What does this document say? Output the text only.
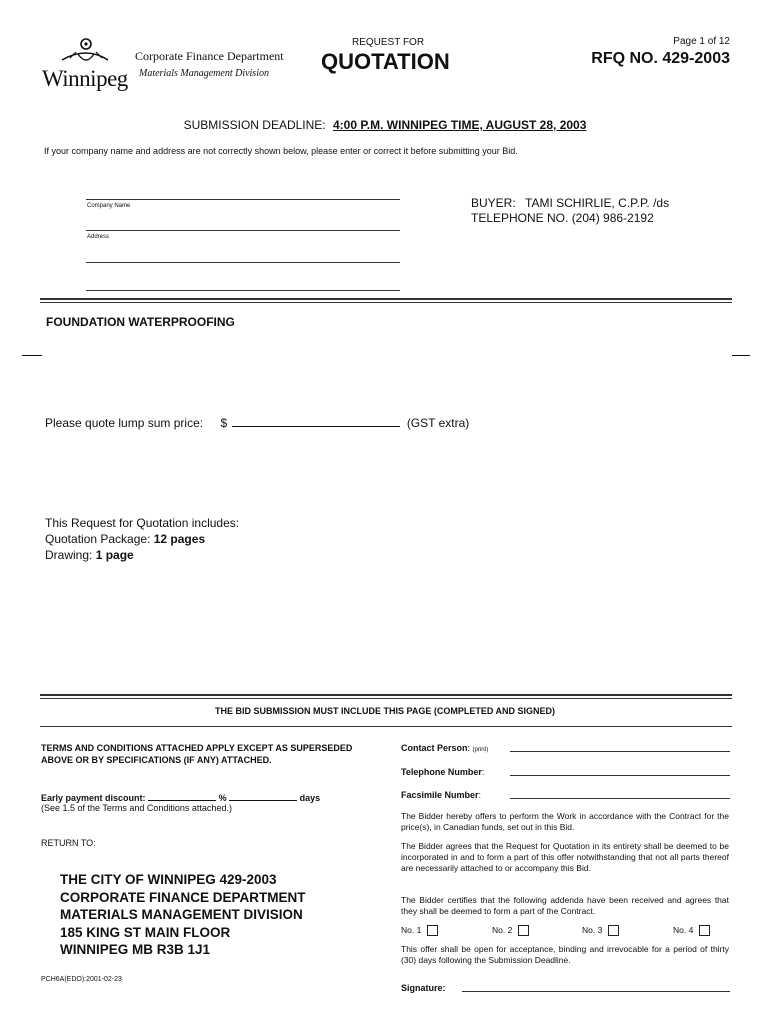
Winnipeg
Corporate Finance Department
Materials Management Division
REQUEST FOR
QUOTATION
Page 1 of 12
RFQ NO. 429-2003
SUBMISSION DEADLINE: 4:00 P.M. WINNIPEG TIME, AUGUST 28, 2003
If your company name and address are not correctly shown below, please enter or correct it before submitting your Bid.
Company Name
Address
BUYER: TAMI SCHIRLIE, C.P.P. /ds
TELEPHONE NO. (204) 986-2192
FOUNDATION WATERPROOFING
Please quote lump sum price: $	(GST extra)
This Request for Quotation includes:
Quotation Package: 12 pages
Drawing: 1 page
THE BID SUBMISSION MUST INCLUDE THIS PAGE (COMPLETED AND SIGNED)
TERMS AND CONDITIONS ATTACHED APPLY EXCEPT AS SUPERSEDED ABOVE OR BY SPECIFICATIONS (IF ANY) ATTACHED.
Early payment discount:	%	days
(See 1.5 of the Terms and Conditions attached.)
RETURN TO:
THE CITY OF WINNIPEG 429-2003
CORPORATE FINANCE DEPARTMENT
MATERIALS MANAGEMENT DIVISION
185 KING ST MAIN FLOOR
WINNIPEG MB R3B 1J1
PCH6A(EDO):2001-02-23
Contact Person: (print)
Telephone Number:
Facsimile Number:
The Bidder hereby offers to perform the Work in accordance with the Contract for the price(s), in Canadian funds, set out in this Bid.
The Bidder agrees that the Request for Quotation in its entirety shall be deemed to be incorporated in and to form a part of this offer notwithstanding that not all parts thereof are necessarily attached to or accompany this Bid.
The Bidder certifies that the following addenda have been received and agrees that they shall be deemed to form a part of the Contract.
No. 1	No. 2	No. 3	No. 4
This offer shall be open for acceptance, binding and irrevocable for a period of thirty (30) days following the Submission Deadline.
Signature:
